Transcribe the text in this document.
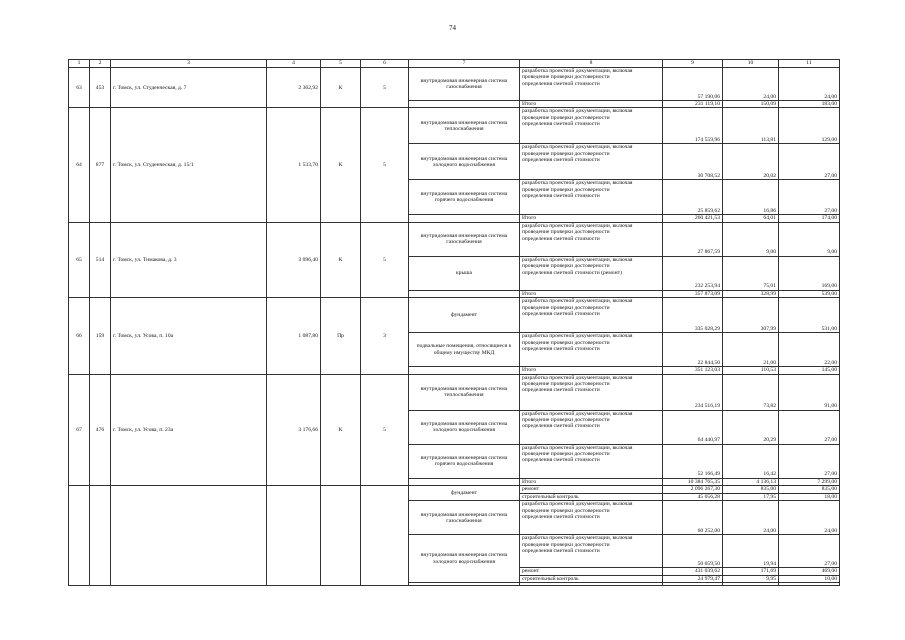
74
1	2	3	4	5	6	7	8	9	10	11
63	453	г. Томск, ул. Студенческая, д. 7	2 362,92	К	5	внутридомовая инженерная система газоснабжения	разработка проектной документации, включая
проведение проверки достоверности
определения сметной стоимости	57 190,06	24,00	24,00
							Итого	231 119,10	150,09	183,00
64	877	г. Томск, ул. Студенческая, д. 15/1	1 533,70	К	5	внутридомовая инженерная система теплоснабжения	разработка проектной документации, включая
проведение проверки достоверности
определения сметной стоимости	174 559,96	113,81	129,00
						внутридомовая инженерная система холодного водоснабжения	разработка проектной документации, включая
проведение проверки достоверности
определения сметной стоимости	30 708,52	20,02	27,00
						внутридомовая инженерная система горячего водоснабжения	разработка проектной документации, включая
проведение проверки достоверности
определения сметной стоимости	25 859,62	16,86	27,00
							Итого	260 421,53	64,01	174,00
65	514	г. Томск, ул. Тимакова, д. 3	3 096,40	К	5	внутридомовая инженерная система газоснабжения	разработка проектной документации, включая
проведение проверки достоверности
определения сметной стоимости	27 867,59	9,00	9,00
						крыша	разработка проектной документации, включая
проведение проверки достоверности
определения сметной стоимости (ремонт)	232 253,94	75,01	169,00
							Итого	357 873,09	328,99	539,00
66	159	г. Томск, ул. Усова, п. 10а	1 087,80	Пр	3	фундамент	разработка проектной документации, включая
проведение проверки достоверности
определения сметной стоимости	335 028,29	307,99	531,00
						подвальные помещения, относящиеся к общему имуществу МКД	разработка проектной документации, включая
проведение проверки достоверности
определения сметной стоимости	22 844,50	21,00	22,00
							Итого	351 123,03	110,53	145,00
67	476	г. Томск, ул. Усова, п. 23а	3 176,66	К	5	внутридомовая инженерная система теплоснабжения	разработка проектной документации, включая
проведение проверки достоверности
определения сметной стоимости	234 516,19	73,82	91,00
						внутридомовая инженерная система холодного водоснабжения	разработка проектной документации, включая
проведение проверки достоверности
определения сметной стоимости	64 440,97	20,29	27,00
						внутридомовая инженерная система горячего водоснабжения	разработка проектной документации, включая
проведение проверки достоверности
определения сметной стоимости	52 166,49	16,42	27,00
							Итого	10 384 765,35	4 136,13	7 299,00
						фундамент	ремонт	2 096 267,30	835,00	835,00
							строительный контроль	45 056,28	17,95	18,00
						внутридомовая инженерная система газоснабжения	разработка проектной документации, включая
проведение проверки достоверности
определения сметной стоимости	60 252,00	24,00	24,00
						внутридомовая инженерная система холодного водоснабжения	разработка проектной документации, включая
проведение проверки достоверности
определения сметной стоимости	50 059,50	19,94	27,00
							ремонт	431 039,62	171,69	469,00
							строительный контроль	24 979,47	9,95	10,00
